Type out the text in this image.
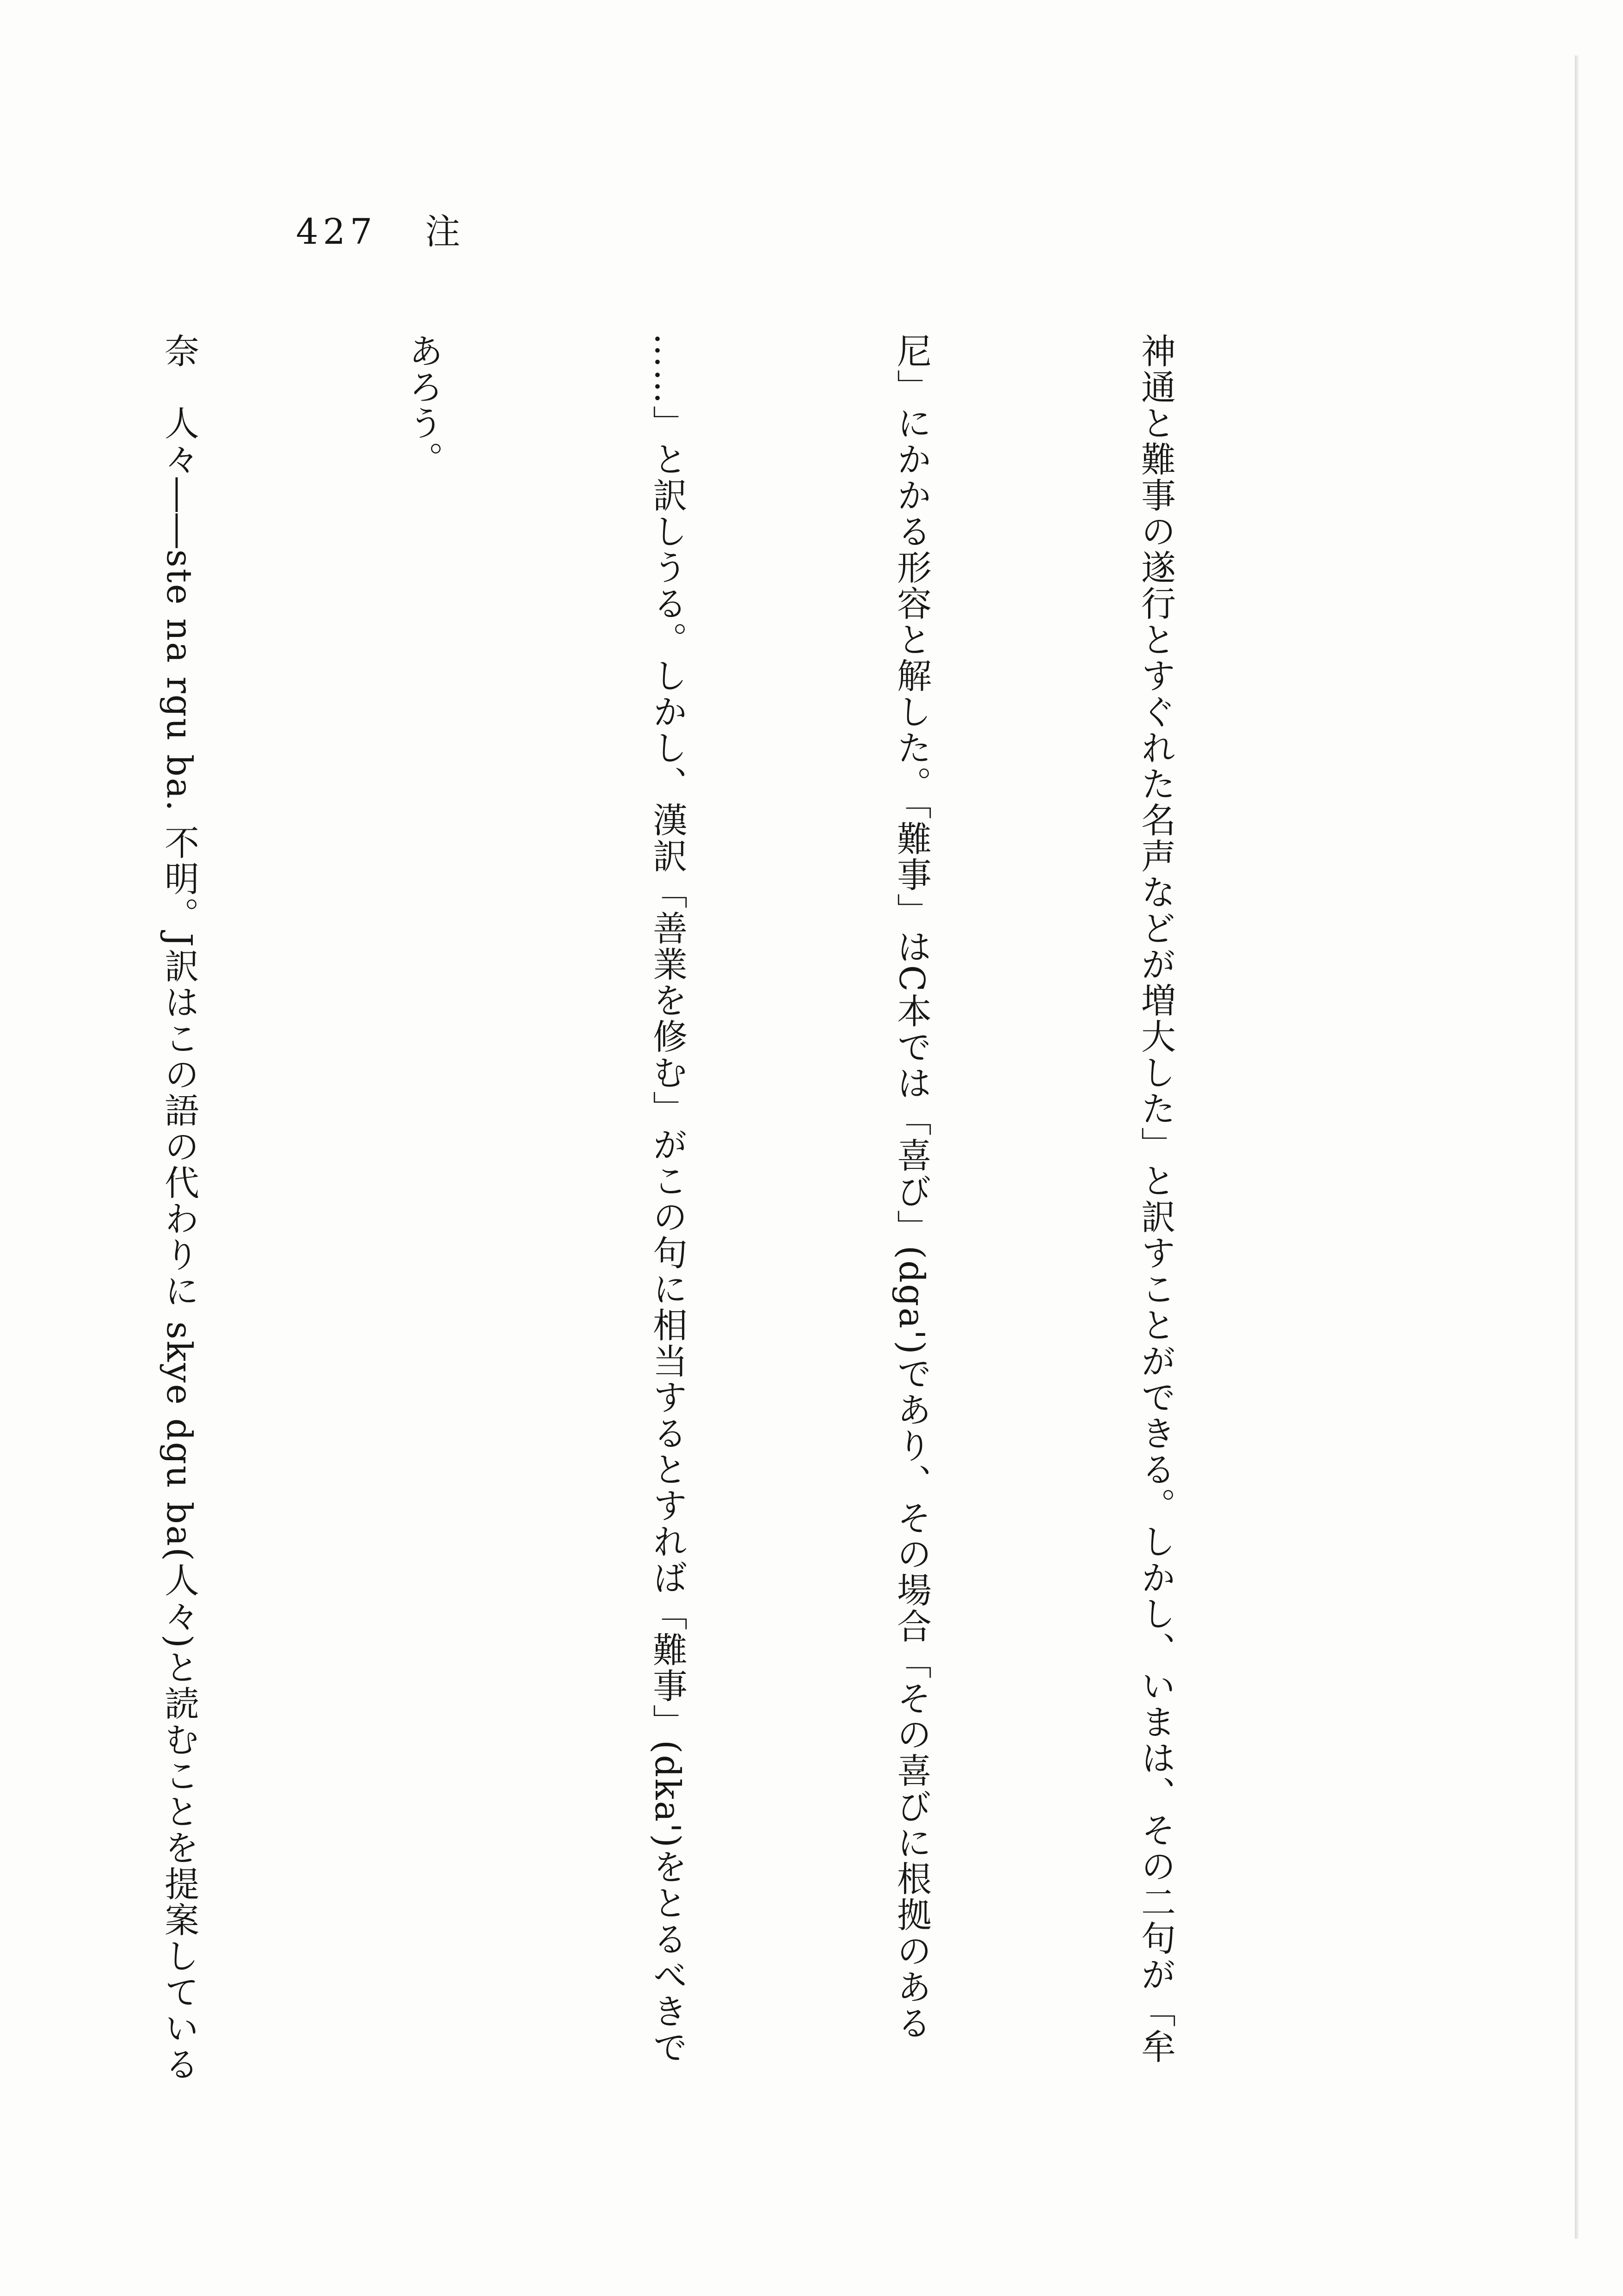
427 注

神通と難事の遂行とすぐれた名声などが増大した」と訳すことができる。しかし、いまは、その二句が「牟

尼」にかかる形容と解した。「難事」はC本では「喜び」(dga')であり、その場合「その喜びに根拠のある

……」と訳しうる。しかし、漢訳「善業を修む」がこの句に相当するとすれば「難事」(dka')をとるべきで

あろう。

奈　人々――ste na rgu ba. 不明。J訳はこの語の代わりに skye dgu ba(人々)と読むことを提案している
